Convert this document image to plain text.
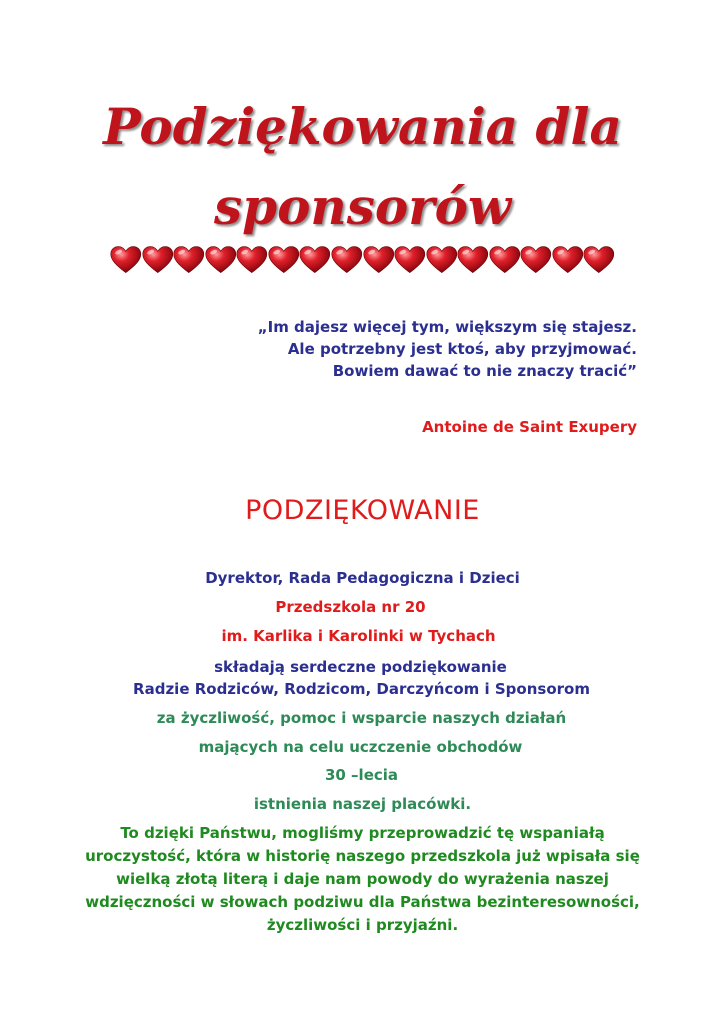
Podziękowania dla
sponsorów
„Im dajesz więcej tym, większym się stajesz.
Ale potrzebny jest ktoś, aby przyjmować.
Bowiem dawać to nie znaczy tracić”
Antoine de Saint Exupery
PODZIĘKOWANIE
Dyrektor, Rada Pedagogiczna i Dzieci
Przedszkola nr 20
im. Karlika i Karolinki w Tychach
składają serdeczne podziękowanie
Radzie Rodziców, Rodzicom, Darczyńcom i Sponsorom
za życzliwość, pomoc i wsparcie naszych działań
mających na celu uczczenie obchodów
30 –lecia
istnienia naszej placówki.
To dzięki Państwu, mogliśmy przeprowadzić tę wspaniałą
uroczystość, która w historię naszego przedszkola już wpisała się
wielką złotą literą i daje nam powody do wyrażenia naszej
wdzięczności w słowach podziwu dla Państwa bezinteresowności,
życzliwości i przyjaźni.
